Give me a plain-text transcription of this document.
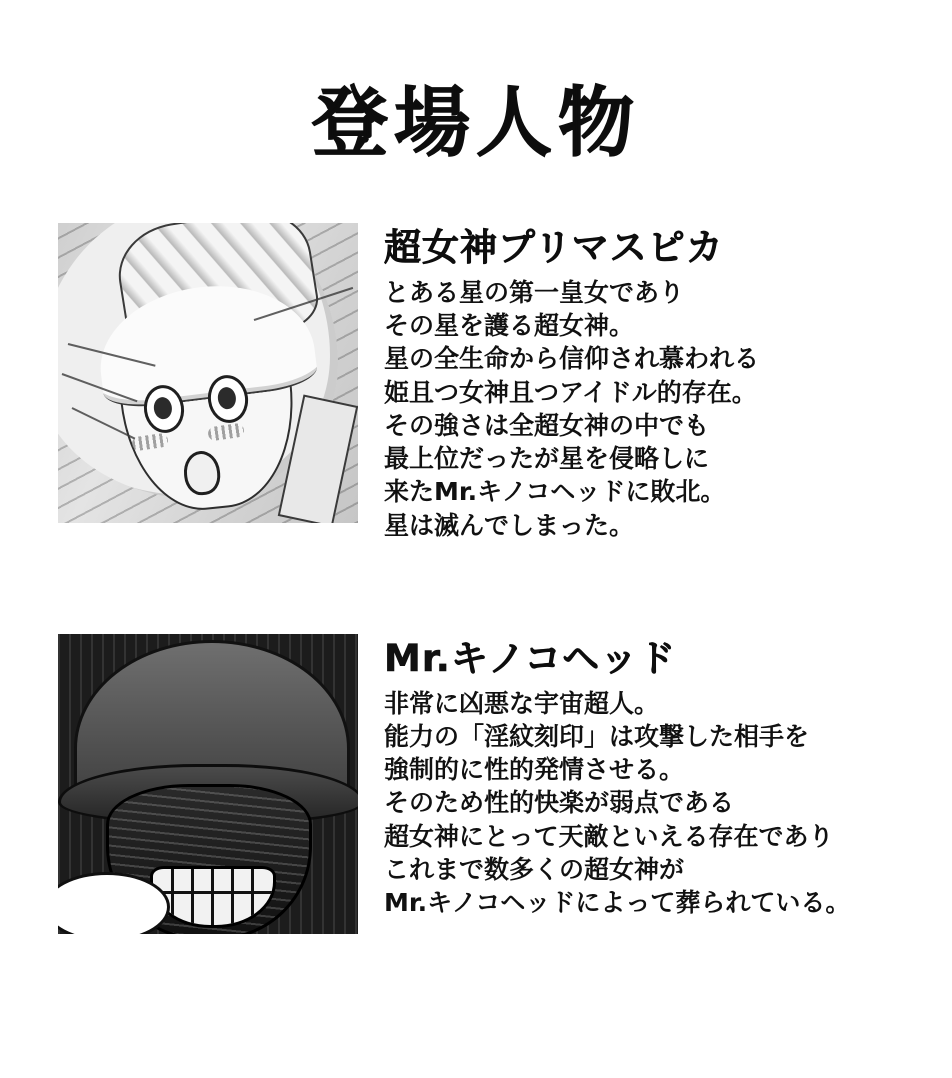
登場人物
超女神プリマスピカ
とある星の第一皇女であり
その星を護る超女神。
星の全生命から信仰され慕われる
姫且つ女神且つアイドル的存在。
その強さは全超女神の中でも
最上位だったが星を侵略しに
来たMr.キノコヘッドに敗北。
星は滅んでしまった。
Mr.キノコヘッド
非常に凶悪な宇宙超人。
能力の「淫紋刻印」は攻撃した相手を
強制的に性的発情させる。
そのため性的快楽が弱点である
超女神にとって天敵といえる存在であり
これまで数多くの超女神が
Mr.キノコヘッドによって葬られている。
